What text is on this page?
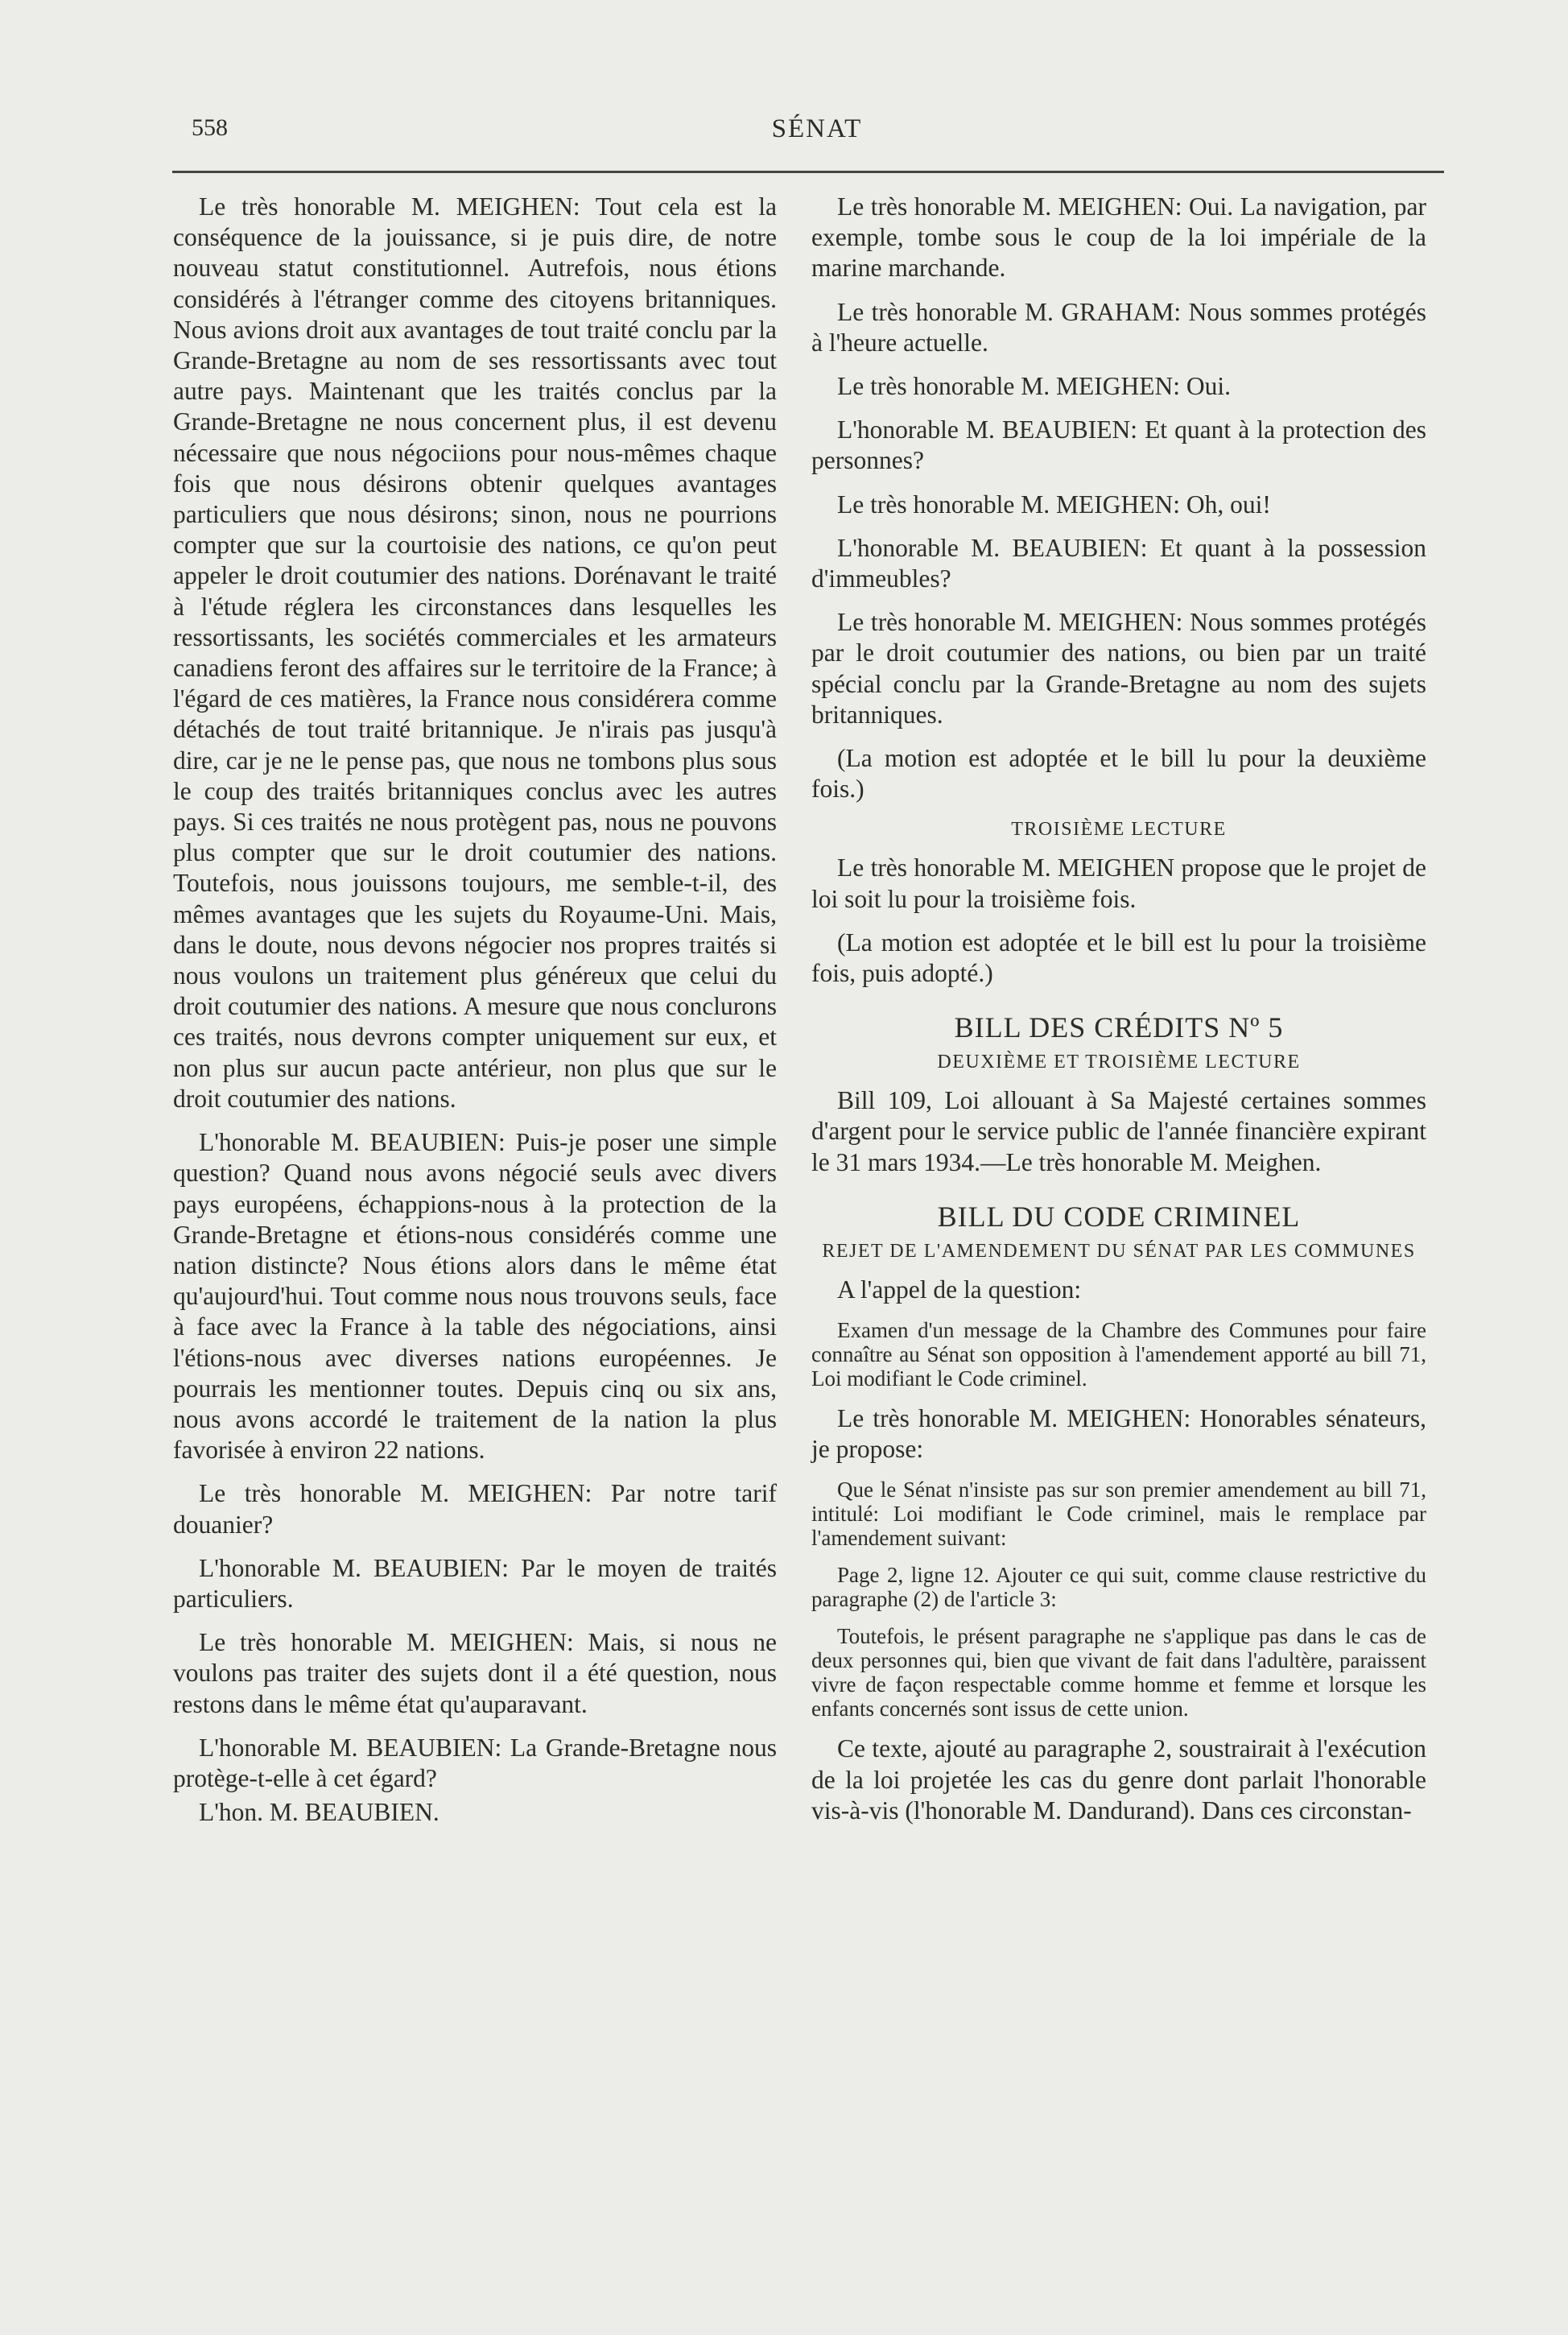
558	SÉNAT

Le très honorable M. MEIGHEN: Tout cela est la conséquence de la jouissance, si je puis dire, de notre nouveau statut constitutionnel. Autrefois, nous étions considérés à l'étranger comme des citoyens britanniques. Nous avions droit aux avantages de tout traité conclu par la Grande-Bretagne au nom de ses ressortissants avec tout autre pays. Maintenant que les traités conclus par la Grande-Bretagne ne nous concernent plus, il est devenu nécessaire que nous négociions pour nous-mêmes chaque fois que nous désirons obtenir quelques avantages particuliers que nous désirons; sinon, nous ne pourrions compter que sur la courtoisie des nations, ce qu'on peut appeler le droit coutumier des nations. Dorénavant le traité à l'étude réglera les circonstances dans lesquelles les ressortissants, les sociétés commerciales et les armateurs canadiens feront des affaires sur le territoire de la France; à l'égard de ces matières, la France nous considérera comme détachés de tout traité britannique. Je n'irais pas jusqu'à dire, car je ne le pense pas, que nous ne tombons plus sous le coup des traités britanniques conclus avec les autres pays. Si ces traités ne nous protègent pas, nous ne pouvons plus compter que sur le droit coutumier des nations. Toutefois, nous jouissons toujours, me semble-t-il, des mêmes avantages que les sujets du Royaume-Uni. Mais, dans le doute, nous devons négocier nos propres traités si nous voulons un traitement plus généreux que celui du droit coutumier des nations. A mesure que nous conclurons ces traités, nous devrons compter uniquement sur eux, et non plus sur aucun pacte antérieur, non plus que sur le droit coutumier des nations.

L'honorable M. BEAUBIEN: Puis-je poser une simple question? Quand nous avons négocié seuls avec divers pays européens, échappions-nous à la protection de la Grande-Bretagne et étions-nous considérés comme une nation distincte? Nous étions alors dans le même état qu'aujourd'hui. Tout comme nous nous trouvons seuls, face à face avec la France à la table des négociations, ainsi l'étions-nous avec diverses nations européennes. Je pourrais les mentionner toutes. Depuis cinq ou six ans, nous avons accordé le traitement de la nation la plus favorisée à environ 22 nations.

Le très honorable M. MEIGHEN: Par notre tarif douanier?

L'honorable M. BEAUBIEN: Par le moyen de traités particuliers.

Le très honorable M. MEIGHEN: Mais, si nous ne voulons pas traiter des sujets dont il a été question, nous restons dans le même état qu'auparavant.

L'honorable M. BEAUBIEN: La Grande-Bretagne nous protège-t-elle à cet égard?

L'hon. M. BEAUBIEN.

Le très honorable M. MEIGHEN: Oui. La navigation, par exemple, tombe sous le coup de la loi impériale de la marine marchande.

Le très honorable M. GRAHAM: Nous sommes protégés à l'heure actuelle.

Le très honorable M. MEIGHEN: Oui.

L'honorable M. BEAUBIEN: Et quant à la protection des personnes?

Le très honorable M. MEIGHEN: Oh, oui!

L'honorable M. BEAUBIEN: Et quant à la possession d'immeubles?

Le très honorable M. MEIGHEN: Nous sommes protégés par le droit coutumier des nations, ou bien par un traité spécial conclu par la Grande-Bretagne au nom des sujets britanniques.

(La motion est adoptée et le bill lu pour la deuxième fois.)

TROISIÈME LECTURE

Le très honorable M. MEIGHEN propose que le projet de loi soit lu pour la troisième fois.

(La motion est adoptée et le bill est lu pour la troisième fois, puis adopté.)

BILL DES CRÉDITS Nº 5
DEUXIÈME ET TROISIÈME LECTURE

Bill 109, Loi allouant à Sa Majesté certaines sommes d'argent pour le service public de l'année financière expirant le 31 mars 1934.—Le très honorable M. Meighen.

BILL DU CODE CRIMINEL
REJET DE L'AMENDEMENT DU SÉNAT PAR LES COMMUNES

A l'appel de la question:

Examen d'un message de la Chambre des Communes pour faire connaître au Sénat son opposition à l'amendement apporté au bill 71, Loi modifiant le Code criminel.

Le très honorable M. MEIGHEN: Honorables sénateurs, je propose:

Que le Sénat n'insiste pas sur son premier amendement au bill 71, intitulé: Loi modifiant le Code criminel, mais le remplace par l'amendement suivant:

Page 2, ligne 12. Ajouter ce qui suit, comme clause restrictive du paragraphe (2) de l'article 3:

Toutefois, le présent paragraphe ne s'applique pas dans le cas de deux personnes qui, bien que vivant de fait dans l'adultère, paraissent vivre de façon respectable comme homme et femme et lorsque les enfants concernés sont issus de cette union.

Ce texte, ajouté au paragraphe 2, soustrairait à l'exécution de la loi projetée les cas du genre dont parlait l'honorable vis-à-vis (l'honorable M. Dandurand). Dans ces circonstan-
